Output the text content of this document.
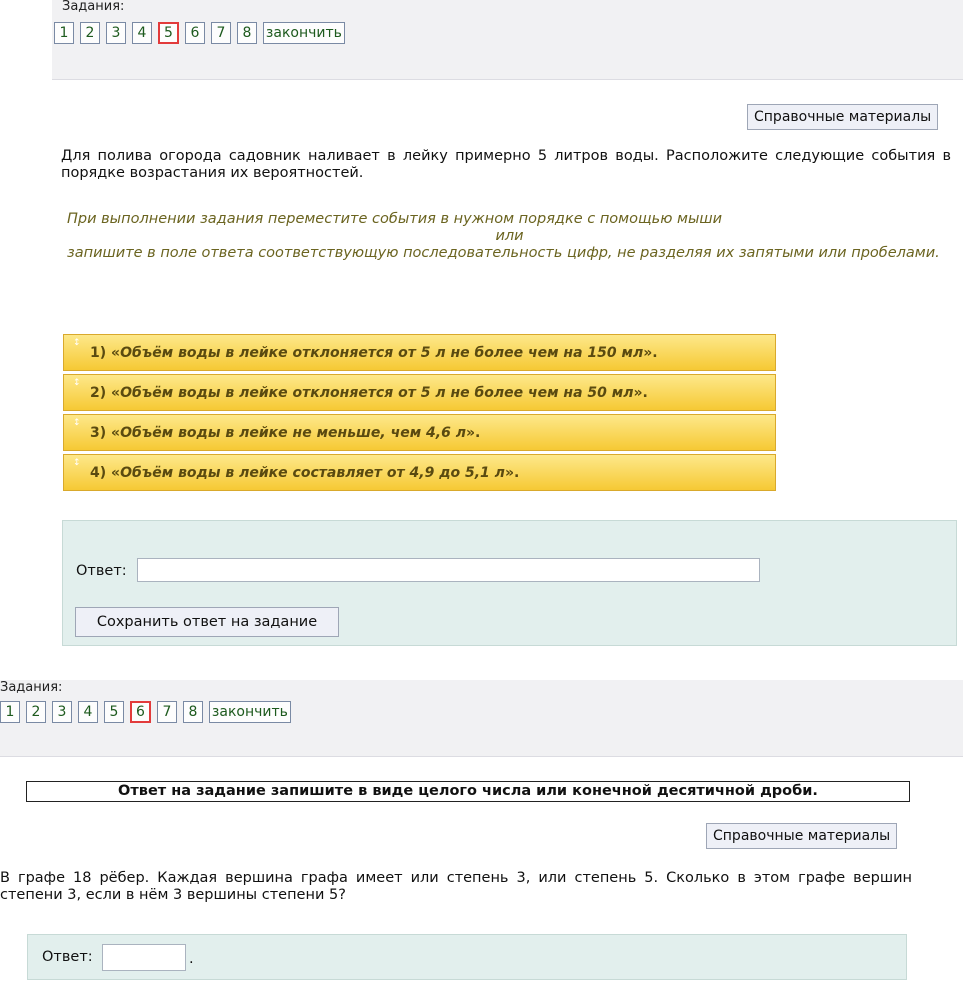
Задания:
1	2	3	4	5	6	7	8	закончить
Справочные материалы
Для полива огорода садовник наливает в лейку примерно 5 литров воды. Расположите следующие события в порядке возрастания их вероятностей.
При выполнении задания переместите события в нужном порядке с помощью мыши
или
запишите в поле ответа соответствующую последовательность цифр, не разделяя их запятыми или пробелами.
↕
1) «Объём воды в лейке отклоняется от 5 л не более чем на 150 мл».
↕
2) «Объём воды в лейке отклоняется от 5 л не более чем на 50 мл».
↕
3) «Объём воды в лейке не меньше, чем 4,6 л».
↕
4) «Объём воды в лейке составляет от 4,9 до 5,1 л».
Ответ:
Сохранить ответ на задание
Задания:
1	2	3	4	5	6	7	8	закончить
Ответ на задание запишите в виде целого числа или конечной десятичной дроби.
Справочные материалы
В графе 18 рёбер. Каждая вершина графа имеет или степень 3, или степень 5. Сколько в этом графе вершин степени 3, если в нём 3 вершины степени 5?
Ответ:	.
